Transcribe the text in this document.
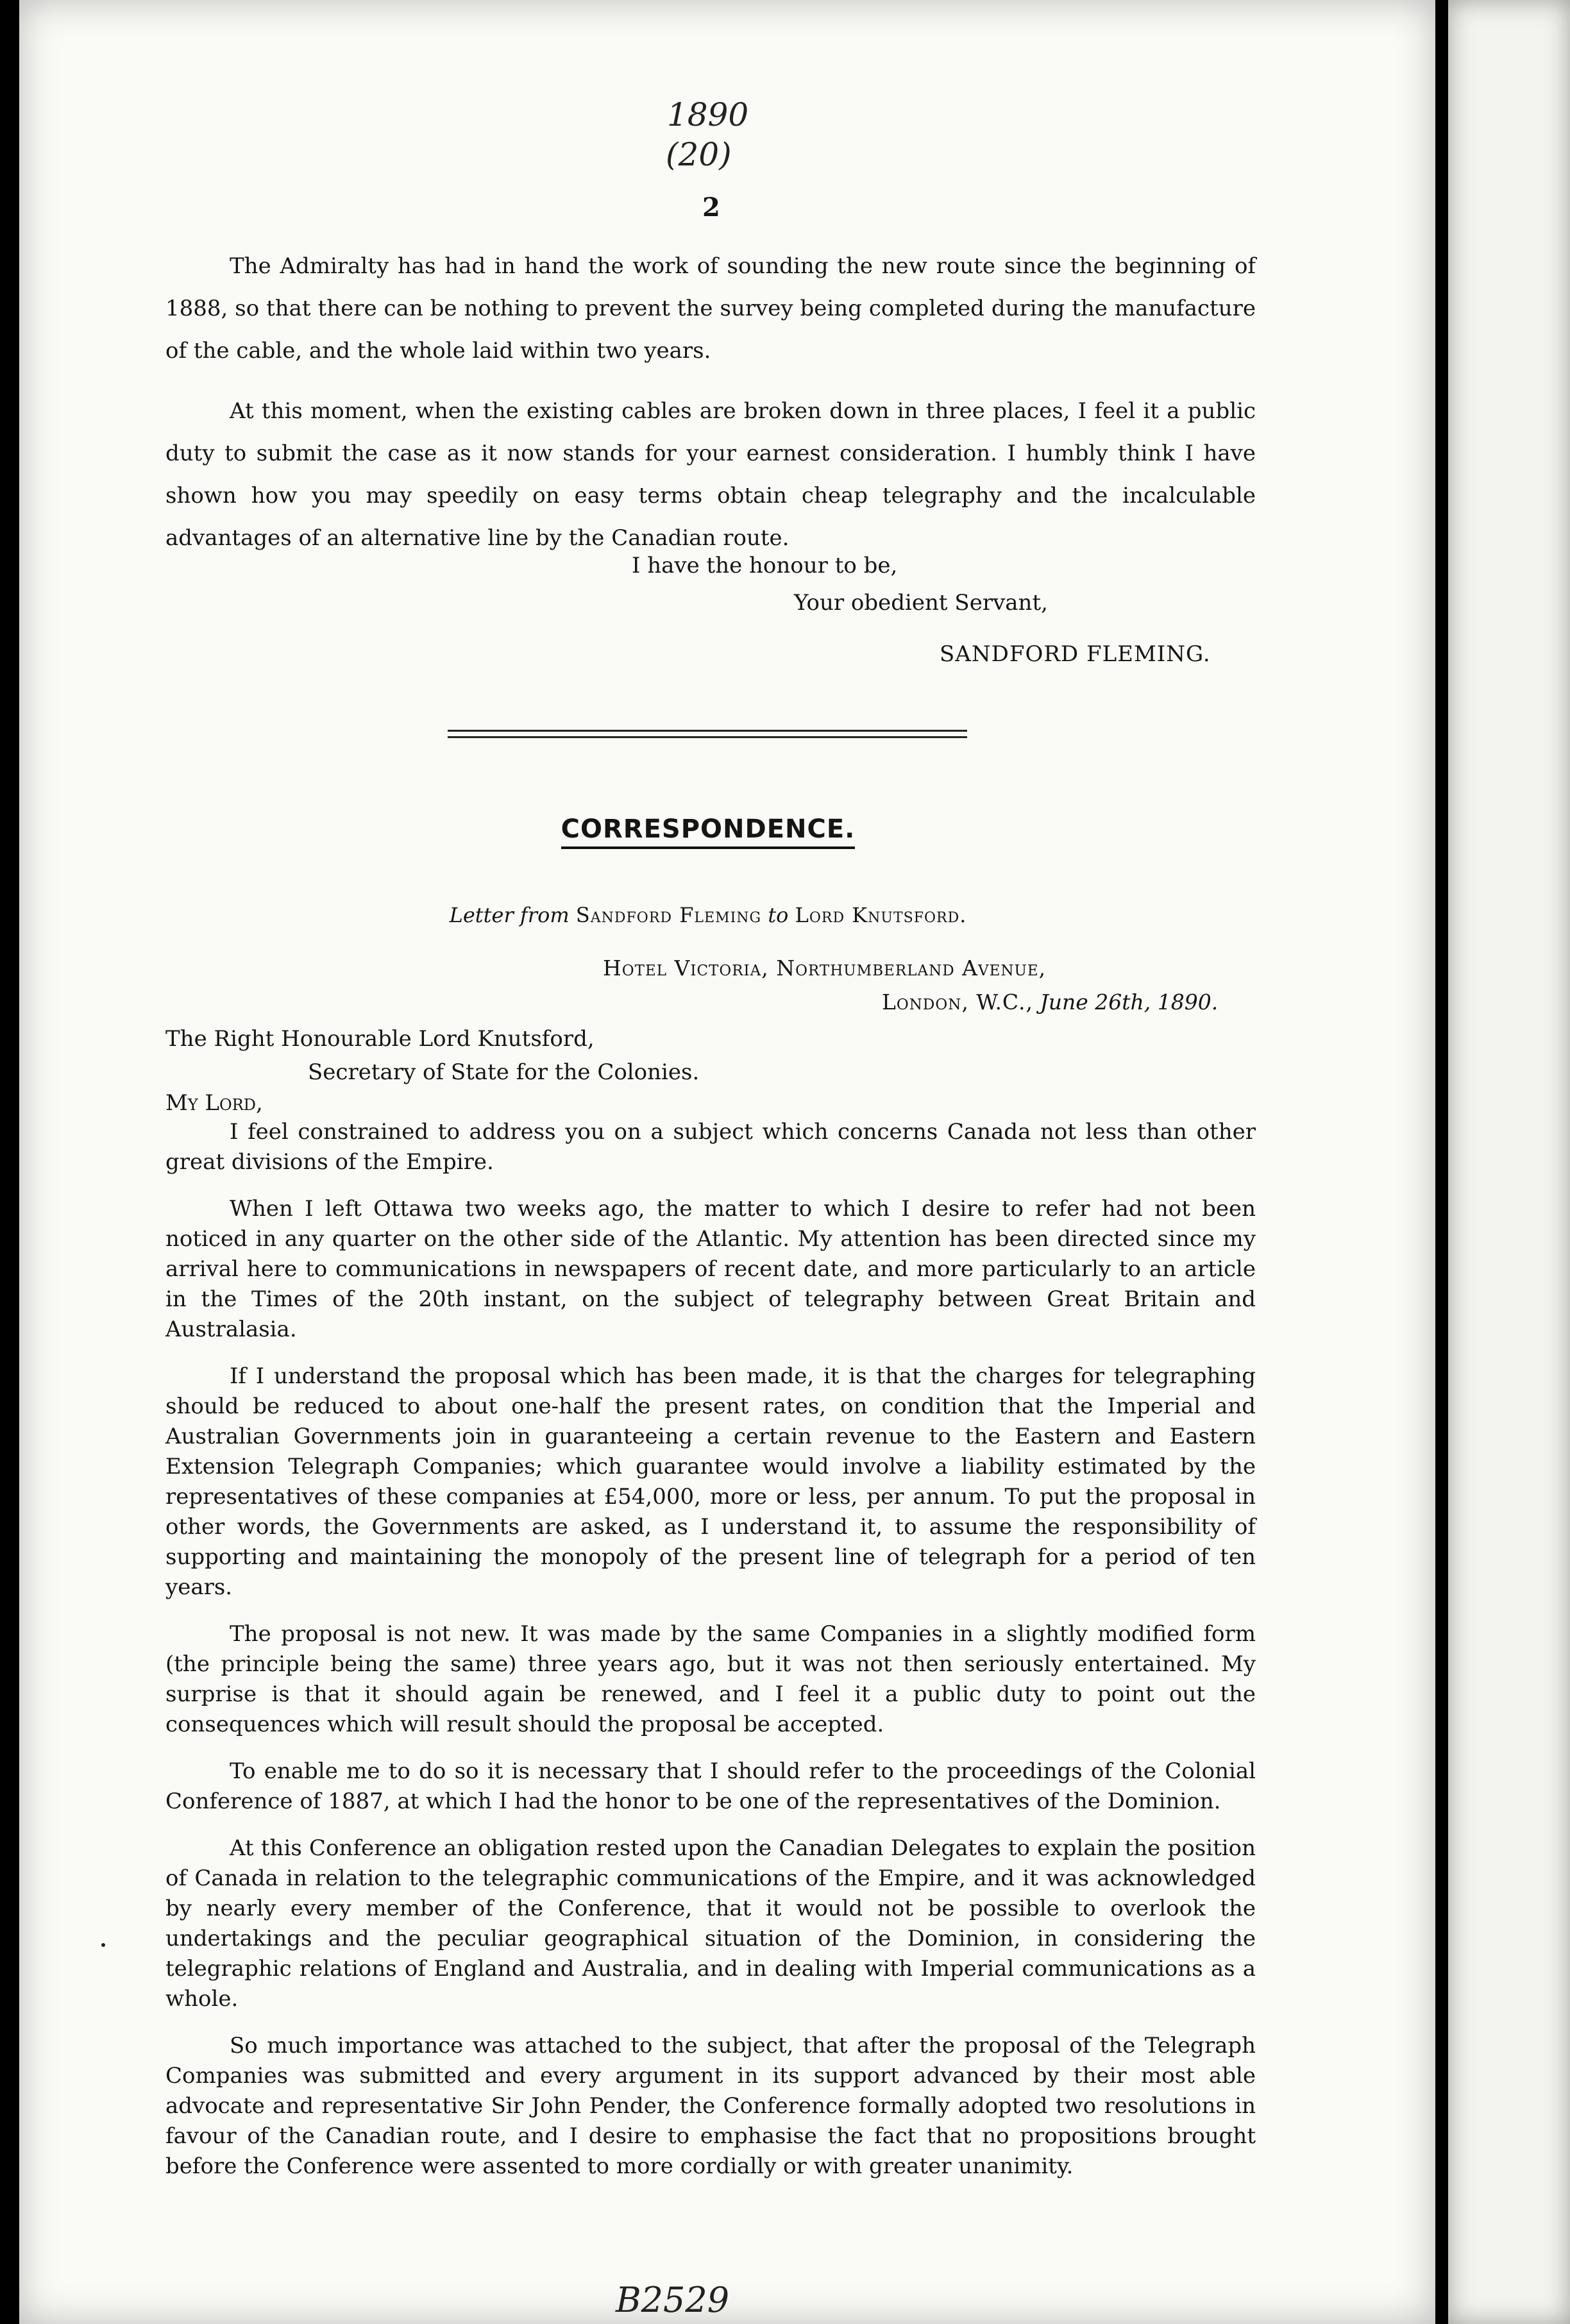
1890
(20)
2

The Admiralty has had in hand the work of sounding the new route since the beginning of 1888, so that there can be nothing to prevent the survey being completed during the manufacture of the cable, and the whole laid within two years.

At this moment, when the existing cables are broken down in three places, I feel it a public duty to submit the case as it now stands for your earnest consideration. I humbly think I have shown how you may speedily on easy terms obtain cheap telegraphy and the incalculable advantages of an alternative line by the Canadian route.

I have the honour to be,
Your obedient Servant,
SANDFORD FLEMING.
CORRESPONDENCE.
Letter from Sandford Fleming to Lord Knutsford.
Hotel Victoria, Northumberland Avenue,
London, W.C., June 26th, 1890.
The Right Honourable Lord Knutsford,
Secretary of State for the Colonies.
My Lord,

I feel constrained to address you on a subject which concerns Canada not less than other great divisions of the Empire.

When I left Ottawa two weeks ago, the matter to which I desire to refer had not been noticed in any quarter on the other side of the Atlantic. My attention has been directed since my arrival here to communications in newspapers of recent date, and more particularly to an article in the Times of the 20th instant, on the subject of telegraphy between Great Britain and Australasia.

If I understand the proposal which has been made, it is that the charges for telegraphing should be reduced to about one-half the present rates, on condition that the Imperial and Australian Governments join in guaranteeing a certain revenue to the Eastern and Eastern Extension Telegraph Companies; which guarantee would involve a liability estimated by the representatives of these companies at £54,000, more or less, per annum. To put the proposal in other words, the Governments are asked, as I understand it, to assume the responsibility of supporting and maintaining the monopoly of the present line of telegraph for a period of ten years.

The proposal is not new. It was made by the same Companies in a slightly modified form (the principle being the same) three years ago, but it was not then seriously entertained. My surprise is that it should again be renewed, and I feel it a public duty to point out the consequences which will result should the proposal be accepted.

To enable me to do so it is necessary that I should refer to the proceedings of the Colonial Conference of 1887, at which I had the honor to be one of the representatives of the Dominion.

At this Conference an obligation rested upon the Canadian Delegates to explain the position of Canada in relation to the telegraphic communications of the Empire, and it was acknowledged by nearly every member of the Conference, that it would not be possible to overlook the undertakings and the peculiar geographical situation of the Dominion, in considering the telegraphic relations of England and Australia, and in dealing with Imperial communications as a whole.

So much importance was attached to the subject, that after the proposal of the Telegraph Companies was submitted and every argument in its support advanced by their most able advocate and representative Sir John Pender, the Conference formally adopted two resolutions in favour of the Canadian route, and I desire to emphasise the fact that no propositions brought before the Conference were assented to more cordially or with greater unanimity.

B2529
